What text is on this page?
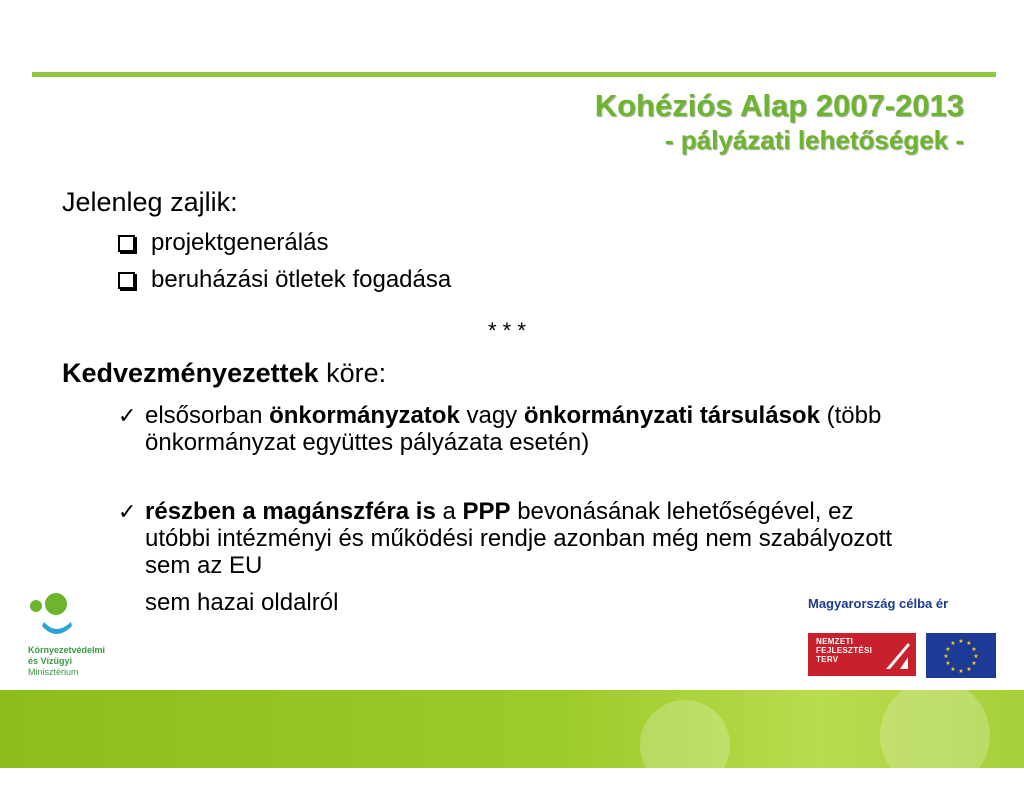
Kohéziós Alap 2007-2013
- pályázati lehetőségek -
Jelenleg zajlik:
projektgenerálás
beruházási ötletek fogadása
* * *
Kedvezményezettek köre:
✓ elsősorban önkormányzatok vagy önkormányzati társulások (több önkormányzat együttes pályázata esetén)
✓ részben a magánszféra is a PPP bevonásának lehetőségével, ez utóbbi intézményi és működési rendje azonban még nem szabályozott sem az EU
sem hazai oldalról
Környezetvédelmi
és Vízügyi
Minisztérium
Magyarország célba ér
NEMZETI
FEJLESZTÉSI
TERV
★ ★
★
★
★
★
★
★
★
★
★
★
